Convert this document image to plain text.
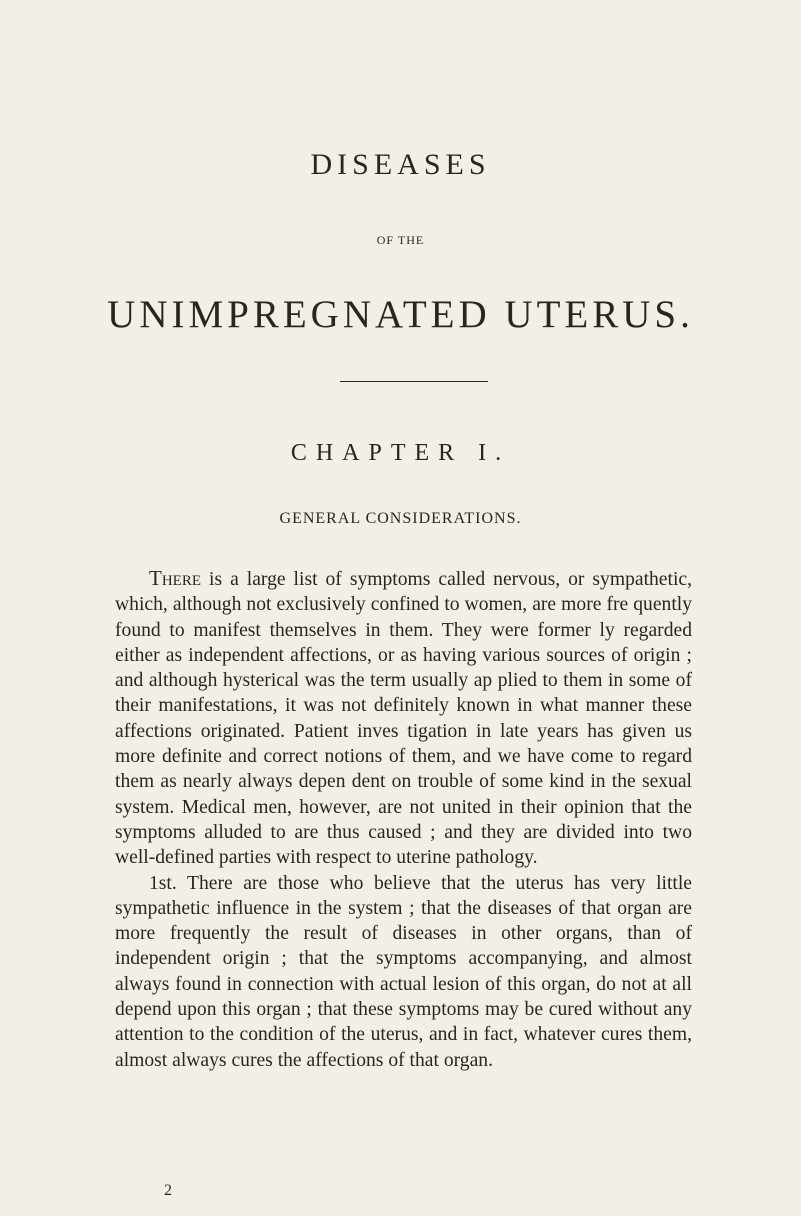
DISEASES
OF THE
UNIMPREGNATED UTERUS.
CHAPTER I.
GENERAL CONSIDERATIONS.

There is a large list of symptoms called nervous, or sympathetic, which, although not exclusively confined to women, are more fre quently found to manifest themselves in them. They were former ly regarded either as independent affections, or as having various sources of origin ; and although hysterical was the term usually ap plied to them in some of their manifestations, it was not definitely known in what manner these affections originated. Patient inves tigation in late years has given us more definite and correct notions of them, and we have come to regard them as nearly always depen dent on trouble of some kind in the sexual system. Medical men, however, are not united in their opinion that the symptoms alluded to are thus caused ; and they are divided into two well-defined parties with respect to uterine pathology.

1st. There are those who believe that the uterus has very little sympathetic influence in the system ; that the diseases of that organ are more frequently the result of diseases in other organs, than of independent origin ; that the symptoms accompanying, and almost always found in connection with actual lesion of this organ, do not at all depend upon this organ ; that these symptoms may be cured without any attention to the condition of the uterus, and in fact, whatever cures them, almost always cures the affections of that organ.

2
